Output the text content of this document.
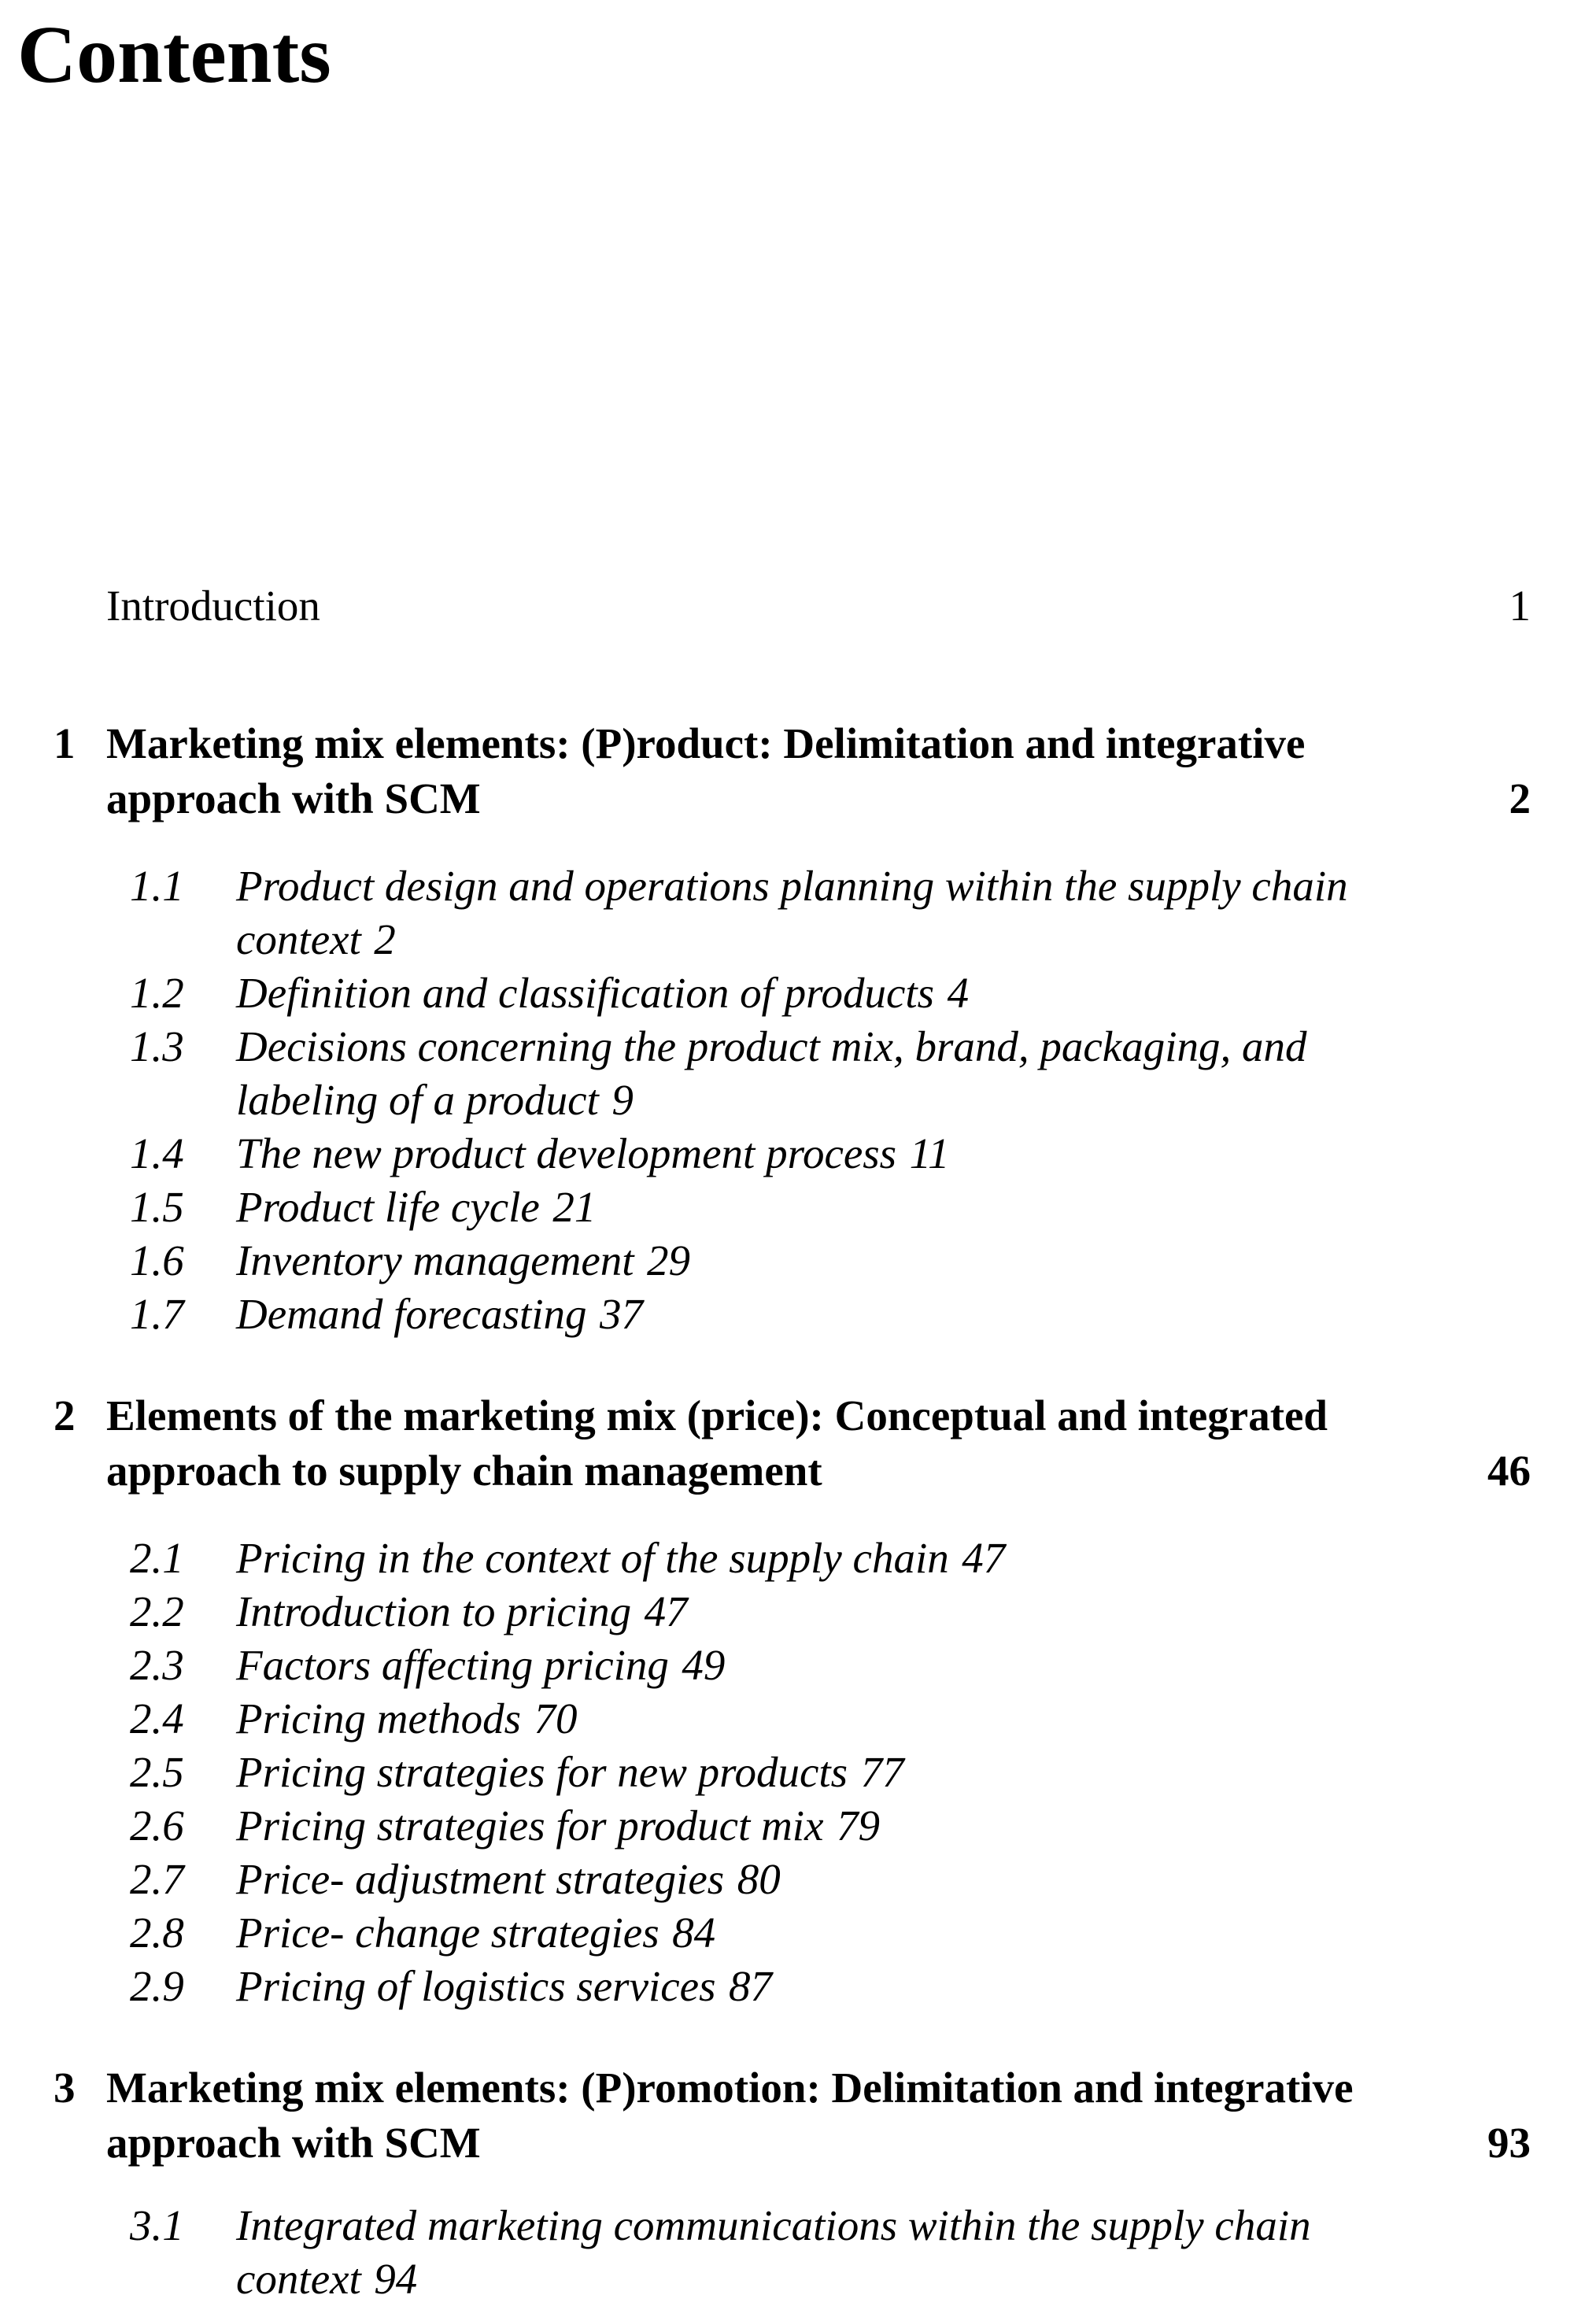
Contents
Introduction	1
1 Marketing mix elements: (P)roduct: Delimitation and integrative
approach with SCM	2
1.1	Product design and operations planning within the supply chain
context 2
1.2	Definition and classification of products 4
1.3	Decisions concerning the product mix, brand, packaging, and
labeling of a product 9
1.4	The new product development process 11
1.5	Product life cycle 21
1.6	Inventory management 29
1.7	Demand forecasting 37
2 Elements of the marketing mix (price): Conceptual and integrated
approach to supply chain management	46
2.1	Pricing in the context of the supply chain 47
2.2	Introduction to pricing 47
2.3	Factors affecting pricing 49
2.4	Pricing methods 70
2.5	Pricing strategies for new products 77
2.6	Pricing strategies for product mix 79
2.7	Price- adjustment strategies 80
2.8	Price- change strategies 84
2.9	Pricing of logistics services 87
3 Marketing mix elements: (P)romotion: Delimitation and integrative
approach with SCM	93
3.1	Integrated marketing communications within the supply chain
context 94
